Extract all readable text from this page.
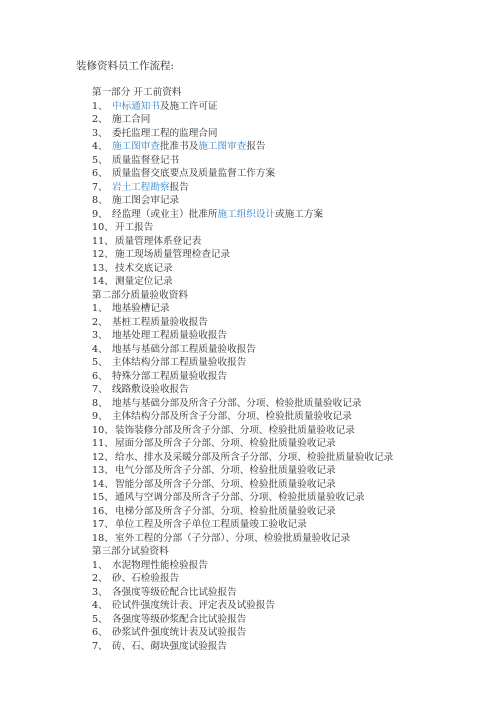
装修资料员工作流程:
第一部分 开工前资料
1、 中标通知书及施工许可证
2、 施工合同
3、 委托监理工程的监理合同
4、 施工图审查批准书及施工图审查报告
5、 质量监督登记书
6、 质量监督交底要点及质量监督工作方案
7、 岩土工程勘察报告
8、 施工图会审记录
9、 经监理（或业主）批准所施工组织设计或施工方案
10、 开工报告
11、 质量管理体系登记表
12、 施工现场质量管理检查记录
13、 技术交底记录
14、 测量定位记录
第二部分质量验收资料
1、 地基验槽记录
2、 基桩工程质量验收报告
3、 地基处理工程质量验收报告
4、 地基与基础分部工程质量验收报告
5、 主体结构分部工程质量验收报告
6、 特殊分部工程质量验收报告
7、 线路敷设验收报告
8、 地基与基础分部及所含子分部、分项、检验批质量验收记录
9、 主体结构分部及所含子分部、分项、检验批质量验收记录
10、 装饰装修分部及所含子分部、分项、检验批质量验收记录
11、 屋面分部及所含子分部、分项、检验批质量验收记录
12、 给水、排水及采暖分部及所含子分部、分项、检验批质量验收记录
13、 电气分部及所含子分部、分项、检验批质量验收记录
14、 智能分部及所含子分部、分项、检验批质量验收记录
15、 通风与空调分部及所含子分部、分项、检验批质量验收记录
16、 电梯分部及所含子分部、分项、检验批质量验收记录
17、 单位工程及所含子单位工程质量竣工验收记录
18、 室外工程的分部（子分部）、分项、检验批质量验收记录
第三部分试验资料
1、 水泥物理性能检验报告
2、 砂、石检验报告
3、 各强度等级砼配合比试验报告
4、 砼试件强度统计表、评定表及试验报告
5、 各强度等级砂浆配合比试验报告
6、 砂浆试件强度统计表及试验报告
7、 砖、石、砌块强度试验报告
